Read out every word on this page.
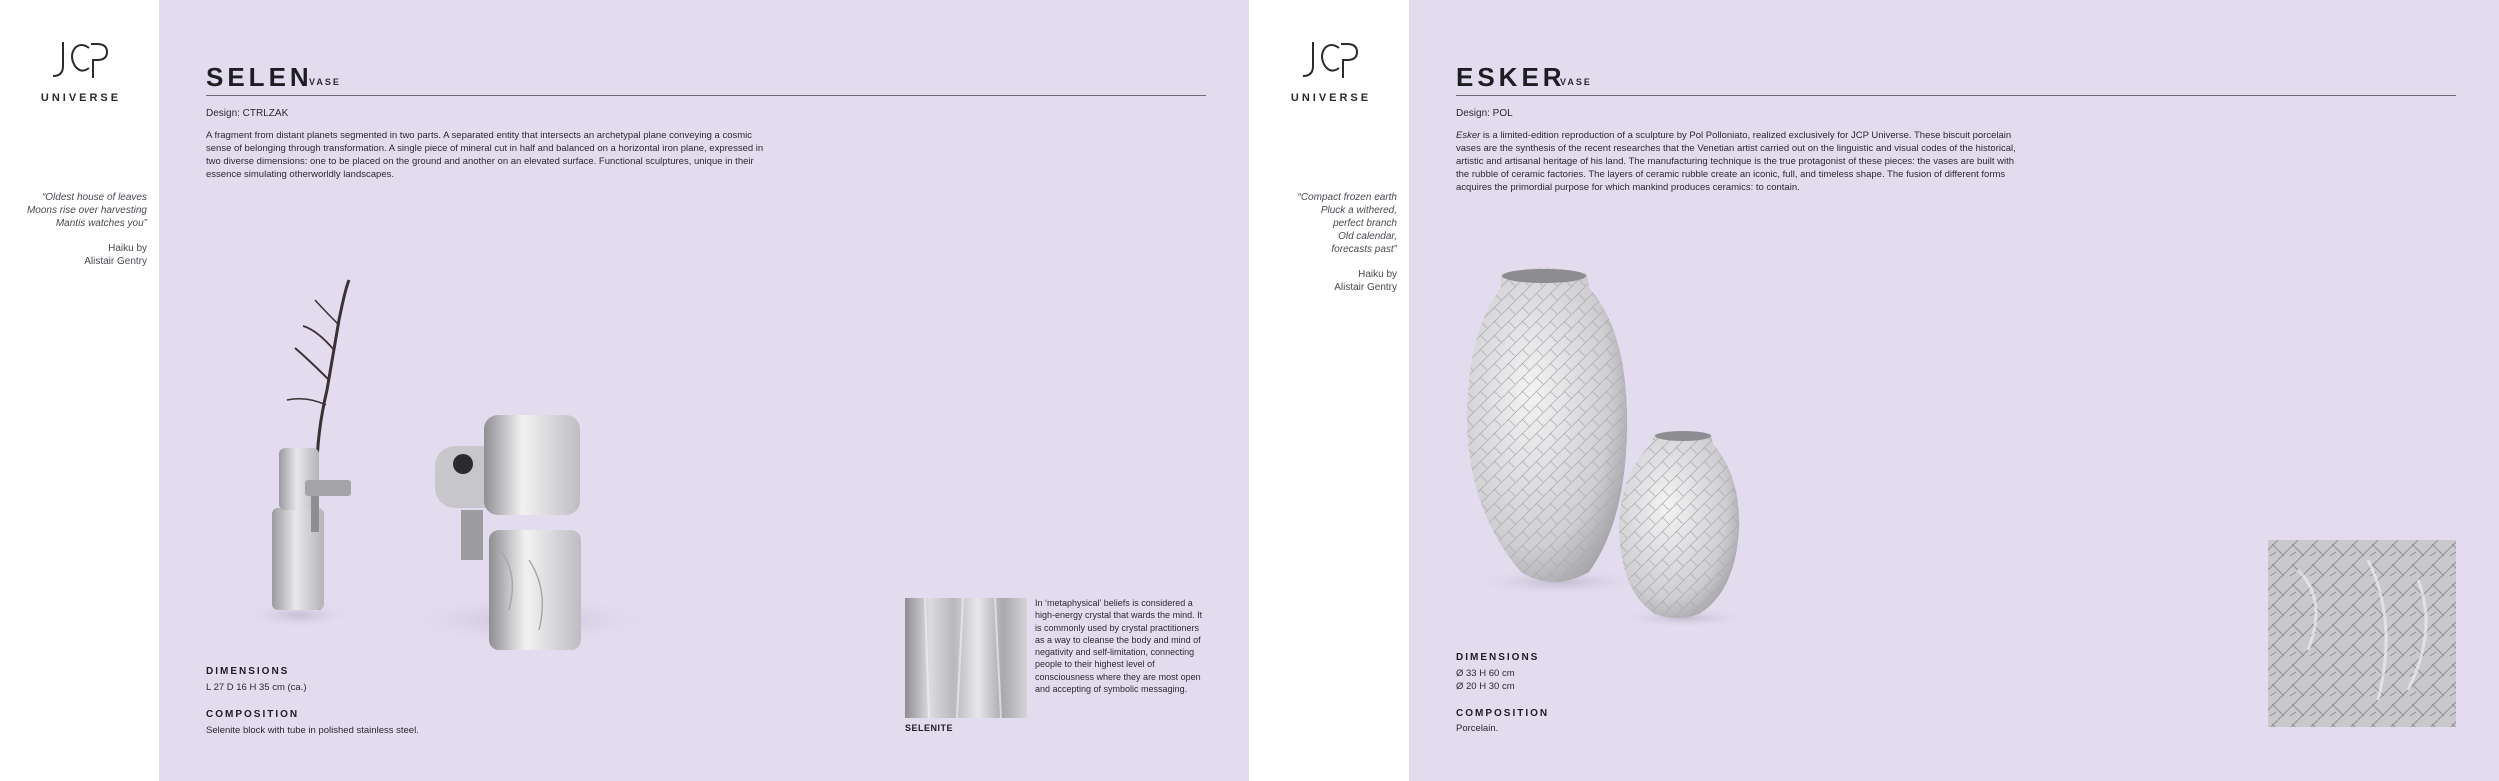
UNIVERSE
“Oldest house of leaves
Moons rise over harvesting
Mantis watches you”
Haiku by
Alistair Gentry
SELEN
VASE
Design: CTRLZAK
A fragment from distant planets segmented in two parts. A separated entity that intersects an archetypal plane conveying a cosmic sense of belonging through transformation. A single piece of mineral cut in half and balanced on a horizontal iron plane, expressed in two diverse dimensions: one to be placed on the ground and another on an elevated surface. Functional sculptures, unique in their essence simulating otherworldly landscapes.
DIMENSIONS
L 27 D 16 H 35 cm (ca.)
COMPOSITION
Selenite block with tube in polished stainless steel.	SELENITE
In ‘metaphysical’ beliefs is considered a high-energy crystal that wards the mind. It is commonly used by crystal practitioners as a way to cleanse the body and mind of negativity and self-limitation, connecting people to their highest level of consciousness where they are most open and accepting of symbolic messaging.
UNIVERSE
“Compact frozen earth
Pluck a withered,
perfect branch
Old calendar,
forecasts past”
Haiku by
Alistair Gentry
ESKER
VASE
Design: POL
Esker is a limited-edition reproduction of a sculpture by Pol Polloniato, realized exclusively for JCP Universe. These biscuit porcelain vases are the synthesis of the recent researches that the Venetian artist carried out on the linguistic and visual codes of the historical, artistic and artisanal heritage of his land. The manufacturing technique is the true protagonist of these pieces: the vases are built with the rubble of ceramic factories. The layers of ceramic rubble create an iconic, full, and timeless shape. The fusion of different forms acquires the primordial purpose for which mankind produces ceramics: to contain.
DIMENSIONS
Ø 33 H 60 cm
Ø 20 H 30 cm
COMPOSITION
Porcelain.
